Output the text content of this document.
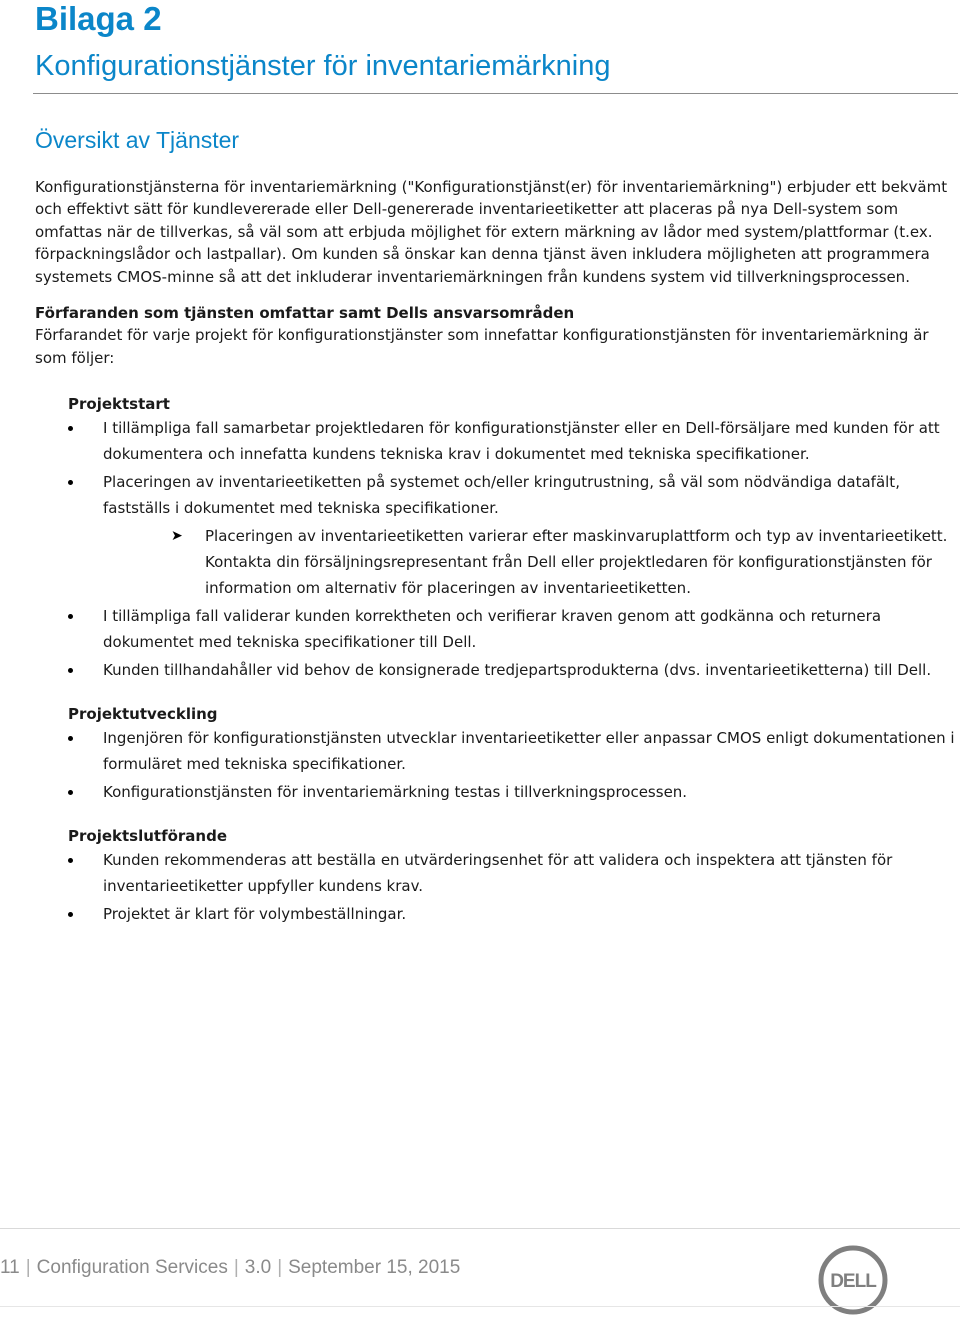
Bilaga 2
Konfigurationstjänster för inventariemärkning
Översikt av Tjänster

Konfigurationstjänsterna för inventariemärkning ("Konfigurationstjänst(er) för inventariemärkning") erbjuder ett bekvämt och effektivt sätt för kundlevererade eller Dell-genererade inventarieetiketter att placeras på nya Dell-system som omfattas när de tillverkas, så väl som att erbjuda möjlighet för extern märkning av lådor med system/plattformar (t.ex. förpackningslådor och lastpallar). Om kunden så önskar kan denna tjänst även inkludera möjligheten att programmera systemets CMOS-minne så att det inkluderar inventariemärkningen från kundens system vid tillverkningsprocessen.

Förfaranden som tjänsten omfattar samt Dells ansvarsområden

Förfarandet för varje projekt för konfigurationstjänster som innefattar konfigurationstjänsten för inventariemärkning är som följer:

Projektstart

I tillämpliga fall samarbetar projektledaren för konfigurationstjänster eller en Dell-försäljare med kunden för att dokumentera och innefatta kundens tekniska krav i dokumentet med tekniska specifikationer.
Placeringen av inventarieetiketten på systemet och/eller kringutrustning, så väl som nödvändiga datafält, fastställs i dokumentet med tekniska specifikationer.
➤ Placeringen av inventarieetiketten varierar efter maskinvaruplattform och typ av inventarieetikett. Kontakta din försäljningsrepresentant från Dell eller projektledaren för konfigurationstjänsten för information om alternativ för placeringen av inventarieetiketten.
I tillämpliga fall validerar kunden korrektheten och verifierar kraven genom att godkänna och returnera dokumentet med tekniska specifikationer till Dell.
Kunden tillhandahåller vid behov de konsignerade tredjepartsprodukterna (dvs. inventarieetiketterna) till Dell.

Projektutveckling

Ingenjören för konfigurationstjänsten utvecklar inventarieetiketter eller anpassar CMOS enligt dokumentationen i formuläret med tekniska specifikationer.
Konfigurationstjänsten för inventariemärkning testas i tillverkningsprocessen.

Projektslutförande

Kunden rekommenderas att beställa en utvärderingsenhet för att validera och inspektera att tjänsten för inventarieetiketter uppfyller kundens krav.
Projektet är klart för volymbeställningar.
11 | Configuration Services | 3.0 | September 15, 2015
DELL
